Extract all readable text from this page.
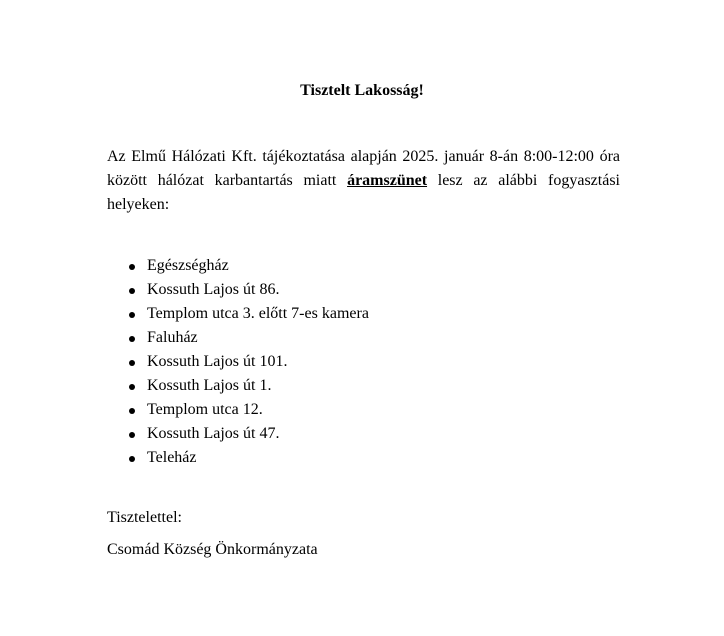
Tisztelt Lakosság!

Az Elmű Hálózati Kft. tájékoztatása alapján 2025. január 8-án 8:00-12:00 óra között hálózat karbantartás miatt áramszünet lesz az alábbi fogyasztási helyeken:

Egészségház
Kossuth Lajos út 86.
Templom utca 3. előtt 7-es kamera
Faluház
Kossuth Lajos út 101.
Kossuth Lajos út 1.
Templom utca 12.
Kossuth Lajos út 47.
Teleház

Tisztelettel:

Csomád Község Önkormányzata
